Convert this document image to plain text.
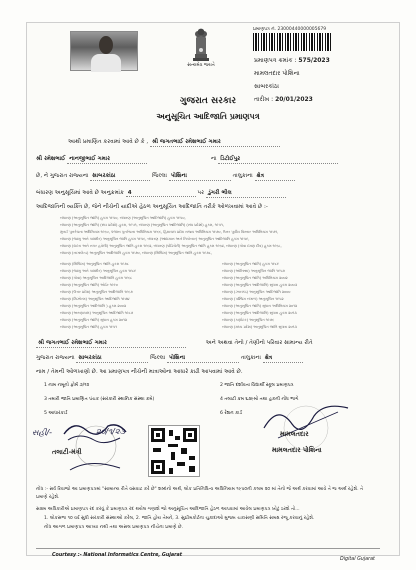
સત્યમેવ જયતે
પ્રમાણપત્ર નં. 23000440000005679
પ્રમાણપત્ર ક્રમાંક : 575/2023
મામલતદાર પોશિના
સાબરકાંઠા
તારીખ : 20/01/2023
ગુજરાત સરકાર
અનુસૂચિત આદિજાતિ પ્રમાણપત્ર
આથી પ્રમાણિત કરવામાં આવે છે કે , શ્રી જગતભાઈ રમેશભાઈ ગમાર
શ્રી રમેશભાઈ નાનજીભાઈ ગમાર	ના ડિટોઈપુર
છે, ને ગુજરાત રાજ્યના સાબરકાંઠા	જિલ્લા પોશિના	તાલુકાના ક્ષેત્ર
બંધારણ અનુસૂચિમાં આવે છે અનુક્રમાંક 4	પર ડુંગરી ભીલ
આદિજાતિની વ્યક્તિ છે, જેને નીચેની યાદીએ હેઠળ અનુસૂચિત આદિજાતિ તરીકે ઓળખવામાં આવે છે :-
બંધારણ (અનુસૂચિત જાતિ) હુકમ ૧૯૫૦, બંધારણ (અનુસૂચિત આદિજાતિ) હુકમ ૧૯૫૦,
બંધારણ (અનુસૂચિત જાતિ) (સંઘ પ્રદેશો) હુકમ, ૧૯૫૧, બંધારણ (અનુસૂચિત આદિજાતિ) (સંઘ પ્રદેશો) હુકમ, ૧૯૫૧,
મુંબઈ પુનર્રચના અધિનિયમ ૧૯૬૦, પંજાબ પુનર્રચના અધિનિયમ ૧૯૬૬, હિમાચલ પ્રદેશ રાજ્ય અધિનિયમ ૧૯૭૦, ઉત્તર પૂર્વીય વિસ્તાર અધિનિયમ ૧૯૭૧,
બંધારણ (જમ્મુ અને કાશ્મીર) અનુસૂચિત જાતિ હુકમ ૧૯૫૬, બંધારણ (આંદામાન અને નિકોબાર) અનુસૂચિત આદિજાતિ હુકમ ૧૯૫૯,
બંધારણ (દાદરા અને નગર હવેલી) અનુસૂચિત જાતિ હુકમ ૧૯૬૨, બંધારણ (પોંડિચેરી) અનુસૂચિત જાતિ હુકમ ૧૯૬૪, બંધારણ (ગોવા દમણ દીવ) હુકમ ૧૯૬૮,
બંધારણ (નાગાલેન્ડ) અનુસૂચિત આદિજાતિ હુકમ ૧૯૭૦, બંધારણ (સિક્કિમ) અનુસૂચિત જાતિ હુકમ ૧૯૭૮,
બંધારણ (સિક્કિમ) અનુસૂચિત જાતિ હુકમ ૧૯૭૮
બંધારણ (જમ્મુ અને કાશ્મીર) અનુસૂચિત હુકમ ૧૯૮૯
બંધારણ (ગોવા) અનુસૂચિત આદિજાતિ હુકમ ૧૯૬૮
બંધારણ (અનુસૂચિત જાતિ) ઓર્ડર ૧૯૯૦
બંધારણ (ઉત્તર પ્રદેશ) અનુસૂચિત આદિજાતિ ૧૯૬૭
બંધારણ (મિઝોરમ) અનુસૂચિત આદિજાતિ ૧૯૭૪
બંધારણ (અનુસૂચિત આદિજાતિ ) હુકમ ૨૦૦૨
બંધારણ (અરુણાચલ) અનુસૂચિત આદિજાતિ ૧૯૮૭
બંધારણ (અનુસૂચિત જાતિ) સુધારા હુકમ ૨૦૧૨
બંધારણ (અનુસૂચિત જાતિ) હુકમ ૧૯૫૧
બંધારણ (અનુસૂચિત જાતિ) હુકમ ૧૯૮૯
બંધારણ (ઓરિસ્સા) અનુસૂચિત જાતિ ૧૯૫૭
બંધારણ (અનુસૂચિત જાતિ) અધિનિયમ ૨૦૦૨
બંધારણ (અનુસૂચિત આદિજાતિ) સુધારા હુકમ ૨૦૦૩
બંધારણ (ઝારખંડ) અનુસૂચિત આદિજાતિ ૨૦૦૦
બંધારણ (પશ્ચિમ બંગાળ) અનુસૂચિત ૧૯૫૨
બંધારણ (અનુસૂચિત જાતિ) સુધારા અધિનિયમ ૨૦૧૨
બંધારણ (અનુસૂચિત આદિજાતિ) સુધારા હુકમ ૨૦૧૩
બંધારણ (કર્ણાટક) અનુસૂચિત ૧૯૭૬
બંધારણ (મધ્ય પ્રદેશ) અનુસૂચિત જાતિ સુધારા ૨૦૧૩
શ્રી જગતભાઈ રમેશભાઈ ગમાર	અને અથવા તેનો / તેણીનો પરિવાર સામાન્ય રીતે
ગુજરાત રાજ્યના સાબરકાંઠા	જિલ્લા પોશિના	તાલુકાના ક્ષેત્ર
નામ / તેમની ઓળખાણો છે. આ પ્રમાણપત્ર નીચેની માત્રાઓના આધારે કાઢી આપવામાં આવે છે.
1 નામ નમૂનો ફોર્મ ૭/૧૨	2 જાતિ દર્શાવતા વિદ્યાર્થી સ્કૂલ પ્રમાણપત્ર
3 તમારી જાતિ પ્રમાણિત પંચક (સરકારી સ્થાનિક સંસ્થા ક્રમે)	4 તલાટી ક્રમ ૬૩૯મો તથા હકની નોંધ ભાગે
5 આધારકાર્ડ	6 રેશન કાર્ડ
સહી/-	૨૦/૧/૨૩
તલાટી-મંત્રી
મામલતદાર
મામલતદાર પોશિના
નોંધ :- સર્વ રિવાજો આ પ્રમાણપત્રમાં "સામાન્ય રીતે વસવાટ કરે છે" શબ્દનો અર્થ, લોક પ્રતિનિધિત્વ અધિનિયમ ૧૯૫૦ની કલમ ૨૦ માં તેનો જે અર્થ કરવામાં આવે તે જ અર્થ રહેશે. તે
પ્રમાણે રહેશે.
સક્ષમ અધિકારીએ પ્રમાણપત્ર રદ કરવું કે પ્રમાણપત્ર રદ થયેલ ગણાશે જો અનુસૂચિત આદિજાતિ હેઠળ આપવામાં આવેલ પ્રમાણપત્ર ખોટું ઠરશે તો...
1. લોકસભા ૧૦ વર્ષ સુધી સરકારી સંસ્થાઓ કરેલ, 2. જાતિ હોય તેમને, 3. સુપ્રીમકોર્ટના ચુકાદાઓ મુજબ ચકાસણી સમિતિ સમક્ષ રજૂ કરવાનું રહેશે.
નોંધ આગળ પ્રમાણપત્ર આપ્યા નથી તથા અસલ પ્રમાણપત્ર નીચેના પ્રમાણે છે.
Courtesy :- National Informatics Centre, Gujarat
Digital Gujarat
